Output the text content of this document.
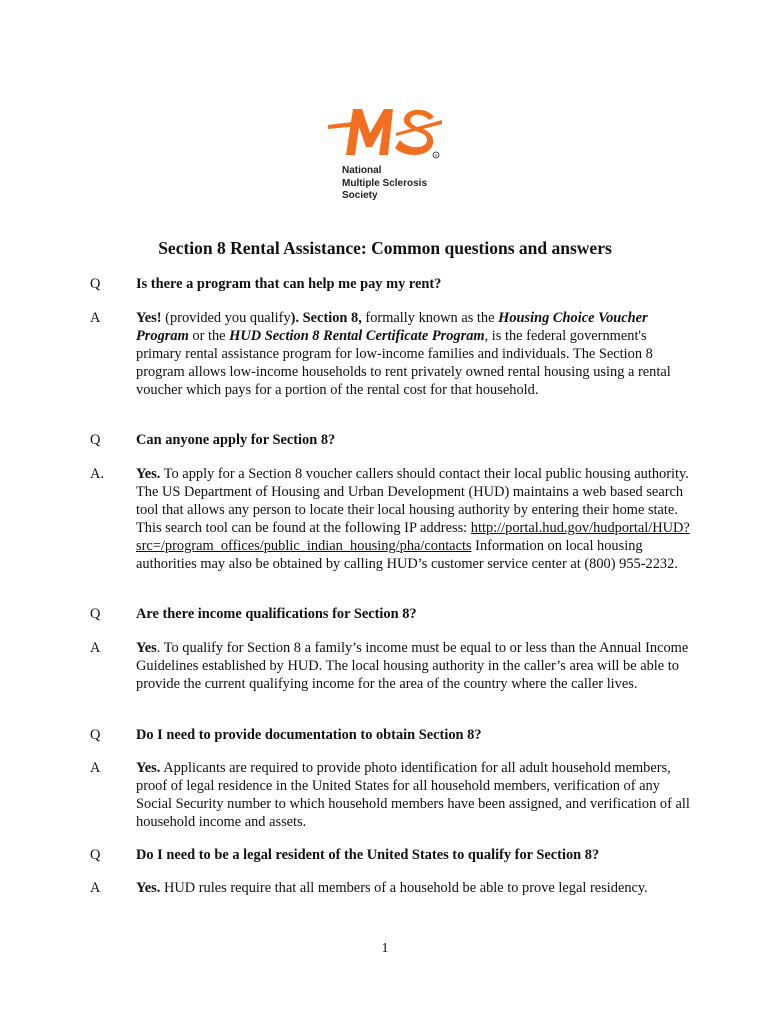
R
National
Multiple Sclerosis
Society
Section 8 Rental Assistance: Common questions and answers
Q Is there a program that can help me pay my rent?
A Yes! (provided you qualify). Section 8, formally known as the Housing Choice Voucher Program or the HUD Section 8 Rental Certificate Program, is the federal government's primary rental assistance program for low-income families and individuals. The Section 8 program allows low-income households to rent privately owned rental housing using a rental voucher which pays for a portion of the rental cost for that household.
Q Can anyone apply for Section 8?
A. Yes. To apply for a Section 8 voucher callers should contact their local public housing authority. The US Department of Housing and Urban Development (HUD) maintains a web based search tool that allows any person to locate their local housing authority by entering their home state. This search tool can be found at the following IP address: http://portal.hud.gov/hudportal/HUD?src=/program_offices/public_indian_housing/pha/contacts Information on local housing authorities may also be obtained by calling HUD’s customer service center at (800) 955-2232.
Q Are there income qualifications for Section 8?
A Yes. To qualify for Section 8 a family’s income must be equal to or less than the Annual Income Guidelines established by HUD. The local housing authority in the caller’s area will be able to provide the current qualifying income for the area of the country where the caller lives.
Q Do I need to provide documentation to obtain Section 8?
A Yes. Applicants are required to provide photo identification for all adult household members, proof of legal residence in the United States for all household members, verification of any Social Security number to which household members have been assigned, and verification of all household income and assets.
Q Do I need to be a legal resident of the United States to qualify for Section 8?
A Yes. HUD rules require that all members of a household be able to prove legal residency.
1
